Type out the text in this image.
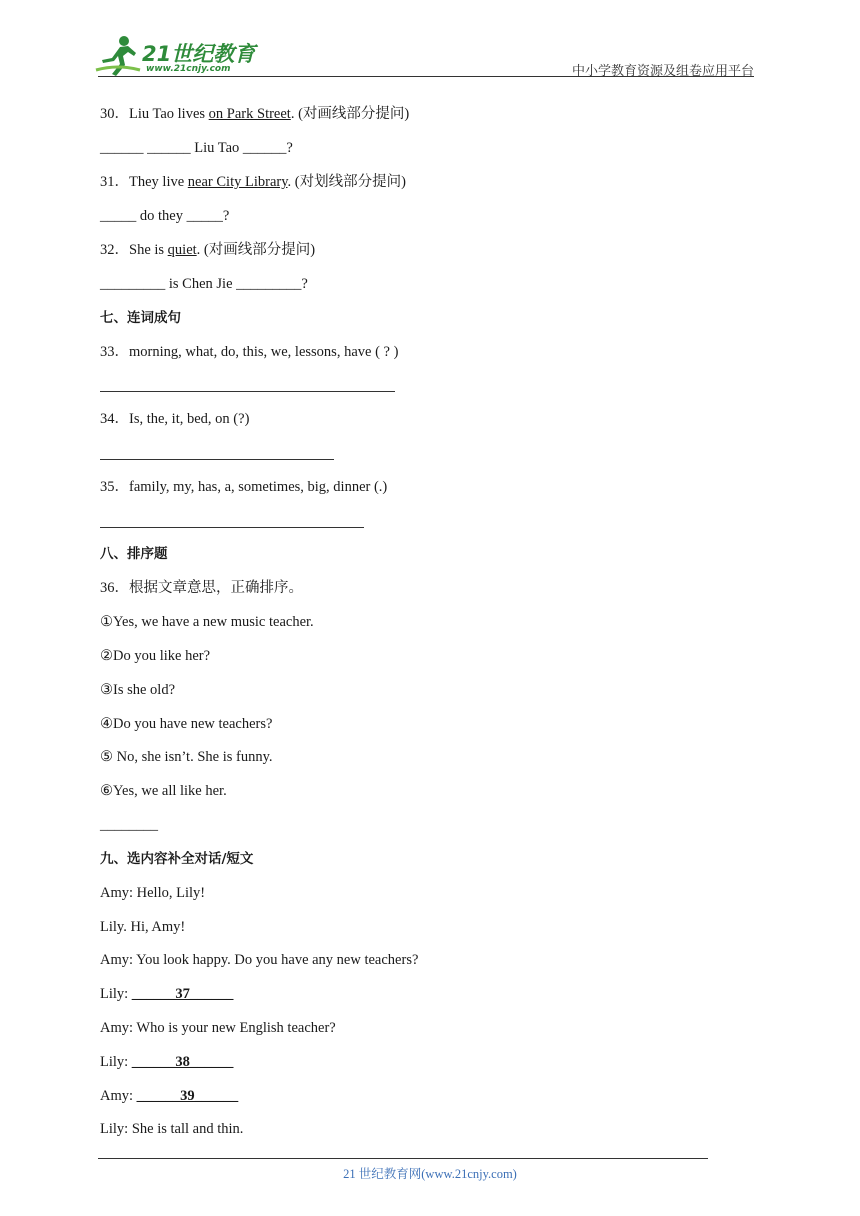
21世纪教育
www.21cnjy.com	中小学教育资源及组卷应用平台
30．Liu Tao lives on Park Street. (对画线部分提问)
______ ______ Liu Tao ______?
31．They live near City Library. (对划线部分提问)
_____ do they _____?
32．She is quiet. (对画线部分提问)
_________ is Chen Jie _________?
七、连词成句
33．morning, what, do, this, we, lessons, have ( ? )
34．Is, the, it, bed, on (?)
35．family, my, has, a, sometimes, big, dinner (.)
八、排序题
36．根据文章意思，正确排序。
①Yes, we have a new music teacher.
②Do you like her?
③Is she old?
④Do you have new teachers?
⑤ No, she isn’t. She is funny.
⑥Yes, we all like her.
________
九、选内容补全对话/短文
Amy: Hello, Lily!
Lily. Hi, Amy!
Amy: You look happy. Do you have any new teachers?
Lily: ______37______
Amy: Who is your new English teacher?
Lily: ______38______
Amy: ______39______
Lily: She is tall and thin.
21 世纪教育网(www.21cnjy.com)
